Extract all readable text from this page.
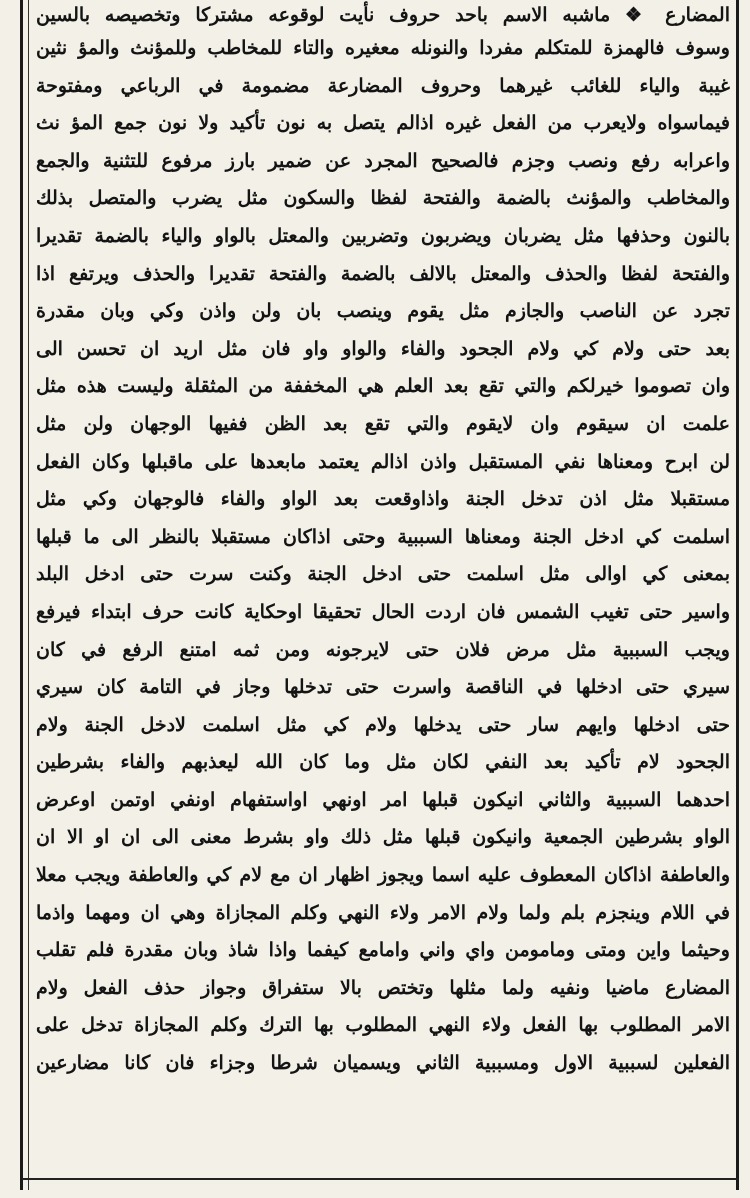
المضارع ❖ ماشبه الاسم باحد حروف نأيت لوقوعه مشتركا وتخصيصه بالسين
وسوف فالهمزة للمتكلم مفردا والنونله معغيره والتاء للمخاطب وللمؤنث والمؤ نثين
غيبة والياء للغائب غيرهما وحروف المضارعة مضمومة في الرباعي ومفتوحة
فيماسواه ولايعرب من الفعل غيره اذالم يتصل به نون تأكيد ولا نون جمع المؤ نث
واعرابه رفع ونصب وجزم فالصحيح المجرد عن ضمير بارز مرفوع للتثنية والجمع
والمخاطب والمؤنث بالضمة والفتحة لفظا والسكون مثل يضرب والمتصل بذلك
بالنون وحذفها مثل يضربان ويضربون وتضربين والمعتل بالواو والياء بالضمة تقديرا
والفتحة لفظا والحذف والمعتل بالالف بالضمة والفتحة تقديرا والحذف ويرتفع اذا
تجرد عن الناصب والجازم مثل يقوم وينصب بان ولن واذن وكي وبان مقدرة
بعد حتى ولام كي ولام الجحود والفاء والواو واو فان مثل اريد ان تحسن الى
وان تصوموا خيرلكم والتي تقع بعد العلم هي المخففة من المثقلة وليست هذه مثل
علمت ان سيقوم وان لايقوم والتي تقع بعد الظن ففيها الوجهان ولن مثل
لن ابرح ومعناها نفي المستقبل واذن اذالم يعتمد مابعدها على ماقبلها وكان الفعل
مستقبلا مثل اذن تدخل الجنة واذاوقعت بعد الواو والفاء فالوجهان وكي مثل
اسلمت كي ادخل الجنة ومعناها السببية وحتى اذاكان مستقبلا بالنظر الى ما قبلها
بمعنى كي اوالى مثل اسلمت حتى ادخل الجنة وكنت سرت حتى ادخل البلد
واسير حتى تغيب الشمس فان اردت الحال تحقيقا اوحكاية كانت حرف ابتداء فيرفع
ويجب السببية مثل مرض فلان حتى لايرجونه ومن ثمه امتنع الرفع في كان
سيري حتى ادخلها في الناقصة واسرت حتى تدخلها وجاز في التامة كان سيري
حتى ادخلها وايهم سار حتى يدخلها ولام كي مثل اسلمت لادخل الجنة ولام
الجحود لام تأكيد بعد النفي لكان مثل وما كان الله ليعذبهم والفاء بشرطين
احدهما السببية والثاني انيكون قبلها امر اونهي اواستفهام اونفي اوتمن اوعرض
الواو بشرطين الجمعية وانيكون قبلها مثل ذلك واو بشرط معنى الى ان او الا ان
والعاطفة اذاكان المعطوف عليه اسما ويجوز اظهار ان مع لام كي والعاطفة ويجب معلا
في اللام وينجزم بلم ولما ولام الامر ولاء النهي وكلم المجازاة وهي ان ومهما واذما
وحيثما واين ومتى ومامومن واي واني وامامع كيفما واذا شاذ وبان مقدرة فلم تقلب
المضارع ماضيا ونفيه ولما مثلها وتختص بالا ستفراق وجواز حذف الفعل ولام
الامر المطلوب بها الفعل ولاء النهي المطلوب بها الترك وكلم المجازاة تدخل على
الفعلين لسببية الاول ومسببية الثاني ويسميان شرطا وجزاء فان كانا مضارعين
